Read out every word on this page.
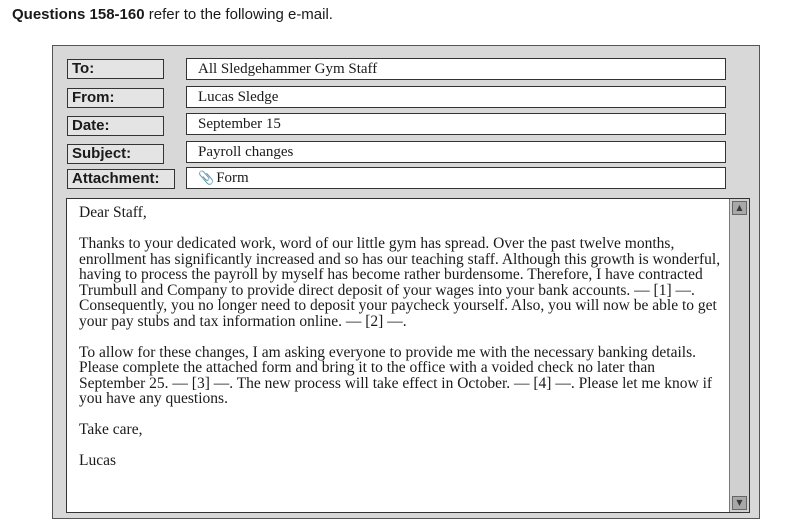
Questions 158-160 refer to the following e-mail.
To:	All Sledgehammer Gym Staff
From:	Lucas Sledge
Date:	September 15
Subject:	Payroll changes
Attachment:	📎 Form

Dear Staff,

Thanks to your dedicated work, word of our little gym has spread. Over the past twelve months, enrollment has significantly increased and so has our teaching staff. Although this growth is wonderful, having to process the payroll by myself has become rather burdensome. Therefore, I have contracted Trumbull and Company to provide direct deposit of your wages into your bank accounts. — [1] —. Consequently, you no longer need to deposit your paycheck yourself. Also, you will now be able to get your pay stubs and tax information online. — [2] —.

To allow for these changes, I am asking everyone to provide me with the necessary banking details. Please complete the attached form and bring it to the office with a voided check no later than September 25. — [3] —. The new process will take effect in October. — [4] —. Please let me know if you have any questions.

Take care,

Lucas

▲
▼
